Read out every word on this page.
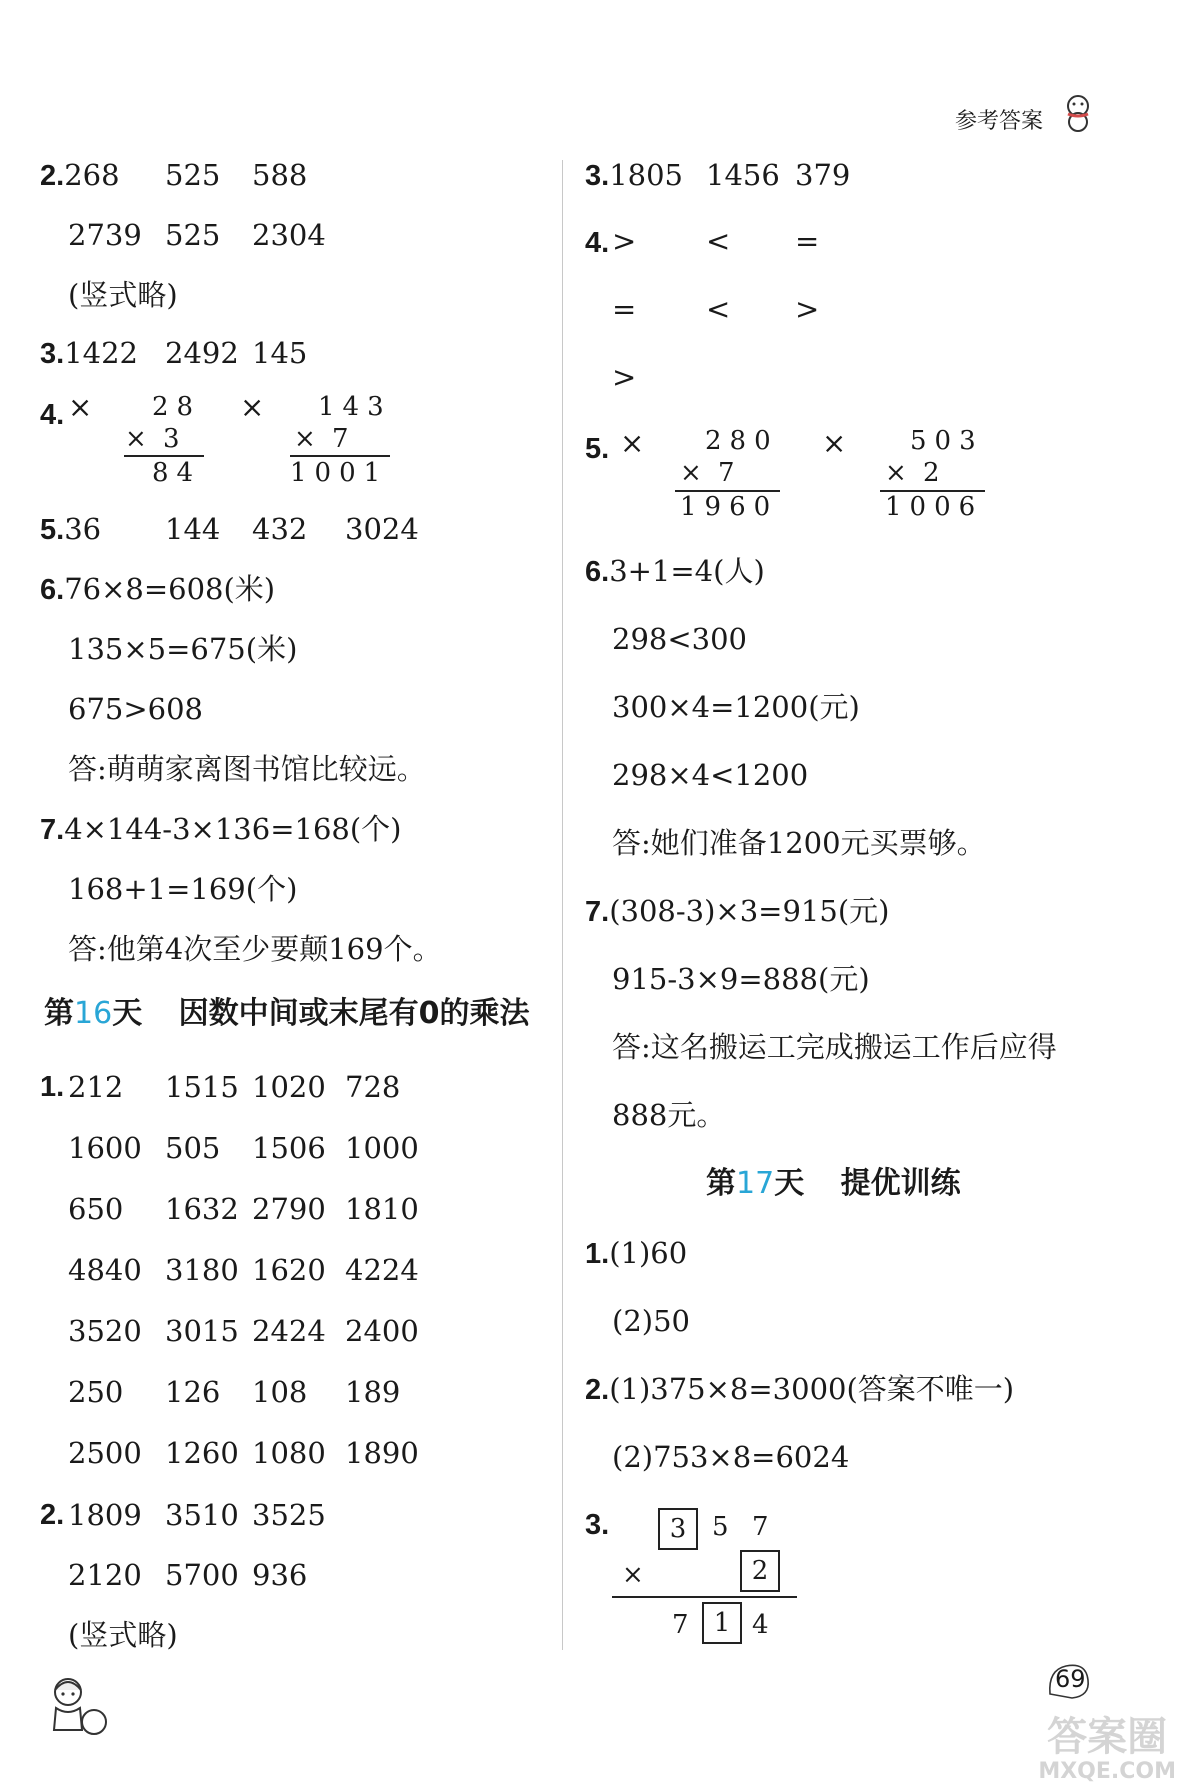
参考答案
2.268 525 588
2739 525 2304
(竖式略)
3.1422 2492 145
4. × 28
× 3
84
× 143
× 7
1001
5.36 144 432 3024
6.76×8=608(米)
135×5=675(米)
675>608
答:萌萌家离图书馆比较远。
7.4×144-3×136=168(个)
168+1=169(个)
答:他第4次至少要颠169个。
第16天 因数中间或末尾有0的乘法
1. 212 1515 1020 728
1600 505 1506 1000
650 1632 2790 1810
4840 3180 1620 4224
3520 3015 2424 2400
250 126 108 189
2500 1260 1080 1890
2. 1809 3510 3525
2120 5700 936
(竖式略)
3.1805 1456 379
4. > < =
= < >
>
5. × 280
× 7
1960
× 503
× 2
1006
6.3+1=4(人)
298<300
300×4=1200(元)
298×4<1200
答:她们准备1200元买票够。
7.(308-3)×3=915(元)
915-3×9=888(元)
答:这名搬运工完成搬运工作后应得
888元。
第17天 提优训练
1.(1)60
(2)50
2.(1)375×8=3000(答案不唯一)
(2)753×8=6024
3.	3 5 7
×	2
7 1 4
69
答案圈
MXQE.COM
